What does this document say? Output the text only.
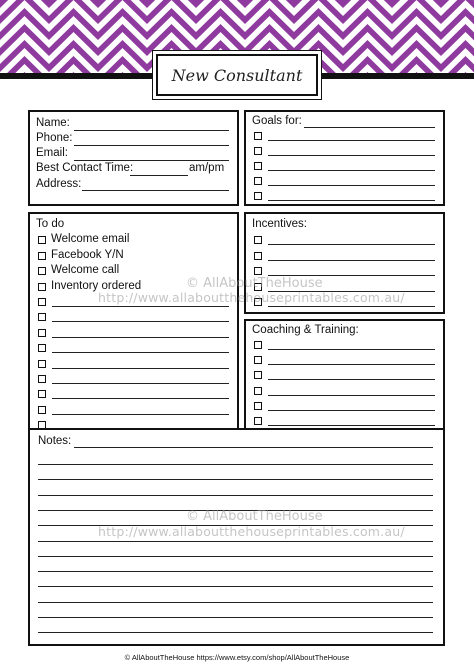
New Consultant
Name:
Phone:
Email:
Best Contact Time:	am/pm
Address:
Goals for:
To do
Welcome email
Facebook Y/N
Welcome call
Inventory ordered
Incentives:
Coaching & Training:
Notes:
© AllAboutTheHouse
http://www.allaboutthehouseprintables.com.au/
© AllAboutTheHouse
http://www.allaboutthehouseprintables.com.au/
© AllAboutTheHouse https://www.etsy.com/shop/AllAboutTheHouse
